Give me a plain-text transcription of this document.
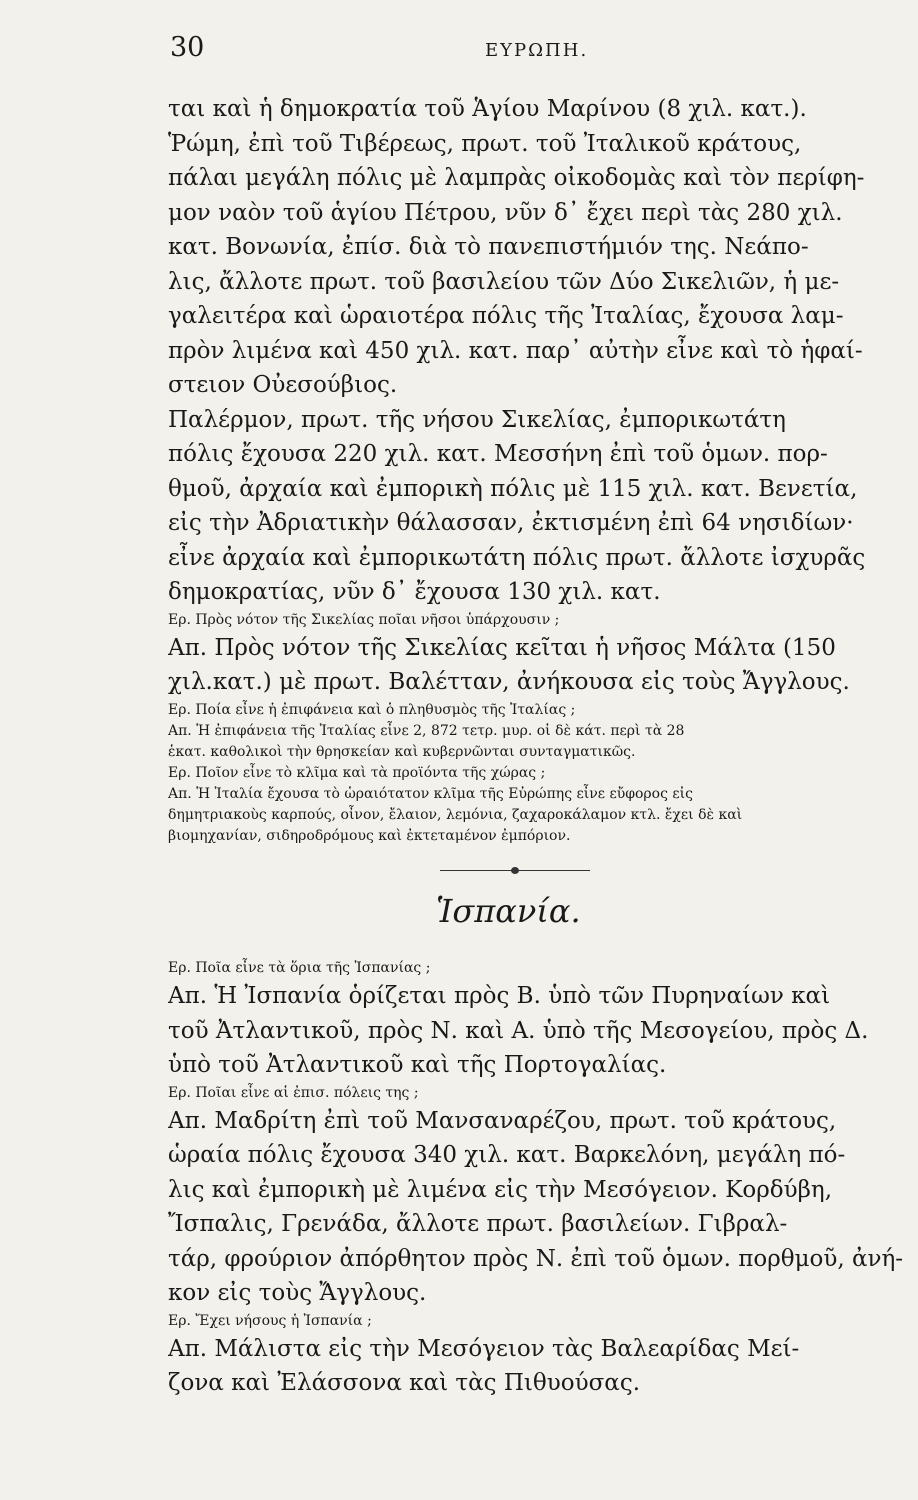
30	ΕΥΡΩΠΗ.
ται καὶ ἡ δημοκρατία τοῦ Ἁγίου Μαρίνου (8 χιλ. κατ.).
Ῥώμη, ἐπὶ τοῦ Τιβέρεως, πρωτ. τοῦ Ἰταλικοῦ κράτους,
πάλαι μεγάλη πόλις μὲ λαμπρὰς οἰκοδομὰς καὶ τὸν περίφη-
μον ναὸν τοῦ ἁγίου Πέτρου, νῦν δ᾽ ἔχει περὶ τὰς 280 χιλ.
κατ. Βονωνία, ἐπίσ. διὰ τὸ πανεπιστήμιόν της. Νεάπο-
λις, ἄλλοτε πρωτ. τοῦ βασιλείου τῶν Δύο Σικελιῶν, ἡ με-
γαλειτέρα καὶ ὡραιοτέρα πόλις τῆς Ἰταλίας, ἔχουσα λαμ-
πρὸν λιμένα καὶ 450 χιλ. κατ. παρ᾽ αὐτὴν εἶνε καὶ τὸ ἡφαί-
στειον Οὐεσούβιος.
Παλέρμον, πρωτ. τῆς νήσου Σικελίας, ἐμπορικωτάτη
πόλις ἔχουσα 220 χιλ. κατ. Μεσσήνη ἐπὶ τοῦ ὁμων. πορ-
θμοῦ, ἀρχαία καὶ ἐμπορικὴ πόλις μὲ 115 χιλ. κατ. Βενετία,
εἰς τὴν Ἀδριατικὴν θάλασσαν, ἐκτισμένη ἐπὶ 64 νησιδίων·
εἶνε ἀρχαία καὶ ἐμπορικωτάτη πόλις πρωτ. ἄλλοτε ἰσχυρᾶς
δημοκρατίας, νῦν δ᾽ ἔχουσα 130 χιλ. κατ.
Ερ. Πρὸς νότον τῆς Σικελίας ποῖαι νῆσοι ὑπάρχουσιν ;
Απ. Πρὸς νότον τῆς Σικελίας κεῖται ἡ νῆσος Μάλτα (150
χιλ.κατ.) μὲ πρωτ. Βαλέτταν, ἀνήκουσα εἰς τοὺς Ἄγγλους.
Ερ. Ποία εἶνε ἡ ἐπιφάνεια καὶ ὁ πληθυσμὸς τῆς Ἰταλίας ;
Απ. Ἡ ἐπιφάνεια τῆς Ἰταλίας εἶνε 2, 872 τετρ. μυρ. οἱ δὲ κάτ. περὶ τὰ 28
ἑκατ. καθολικοὶ τὴν θρησκείαν καὶ κυβερνῶνται συνταγματικῶς.
Ερ. Ποῖον εἶνε τὸ κλῖμα καὶ τὰ προϊόντα τῆς χώρας ;
Απ. Ἡ Ἰταλία ἔχουσα τὸ ὡραιότατον κλῖμα τῆς Εὐρώπης εἶνε εὔφορος εἰς
δημητριακοὺς καρπούς, οἶνον, ἔλαιον, λεμόνια, ζαχαροκάλαμον κτλ. ἔχει δὲ καὶ
βιομηχανίαν, σιδηροδρόμους καὶ ἐκτεταμένον ἐμπόριον.
Ἱσπανία.
Ερ. Ποῖα εἶνε τὰ ὅρια τῆς Ἰσπανίας ;
Απ. Ἡ Ἰσπανία ὁρίζεται πρὸς Β. ὑπὸ τῶν Πυρηναίων καὶ
τοῦ Ἀτλαντικοῦ, πρὸς Ν. καὶ Α. ὑπὸ τῆς Μεσογείου, πρὸς Δ.
ὑπὸ τοῦ Ἀτλαντικοῦ καὶ τῆς Πορτογαλίας.
Ερ. Ποῖαι εἶνε αἱ ἐπισ. πόλεις της ;
Απ. Μαδρίτη ἐπὶ τοῦ Μανσαναρέζου, πρωτ. τοῦ κράτους,
ὡραία πόλις ἔχουσα 340 χιλ. κατ. Βαρκελόνη, μεγάλη πό-
λις καὶ ἐμπορικὴ μὲ λιμένα εἰς τὴν Μεσόγειον. Κορδύβη,
Ἴσπαλις, Γρενάδα, ἄλλοτε πρωτ. βασιλείων. Γιβραλ-
τάρ, φρούριον ἀπόρθητον πρὸς Ν. ἐπὶ τοῦ ὁμων. πορθμοῦ, ἀνή-
κον εἰς τοὺς Ἄγγλους.
Ερ. Ἔχει νήσους ἡ Ἰσπανία ;
Απ. Μάλιστα εἰς τὴν Μεσόγειον τὰς Βαλεαρίδας Μεί-
ζονα καὶ Ἐλάσσονα καὶ τὰς Πιθυούσας.
